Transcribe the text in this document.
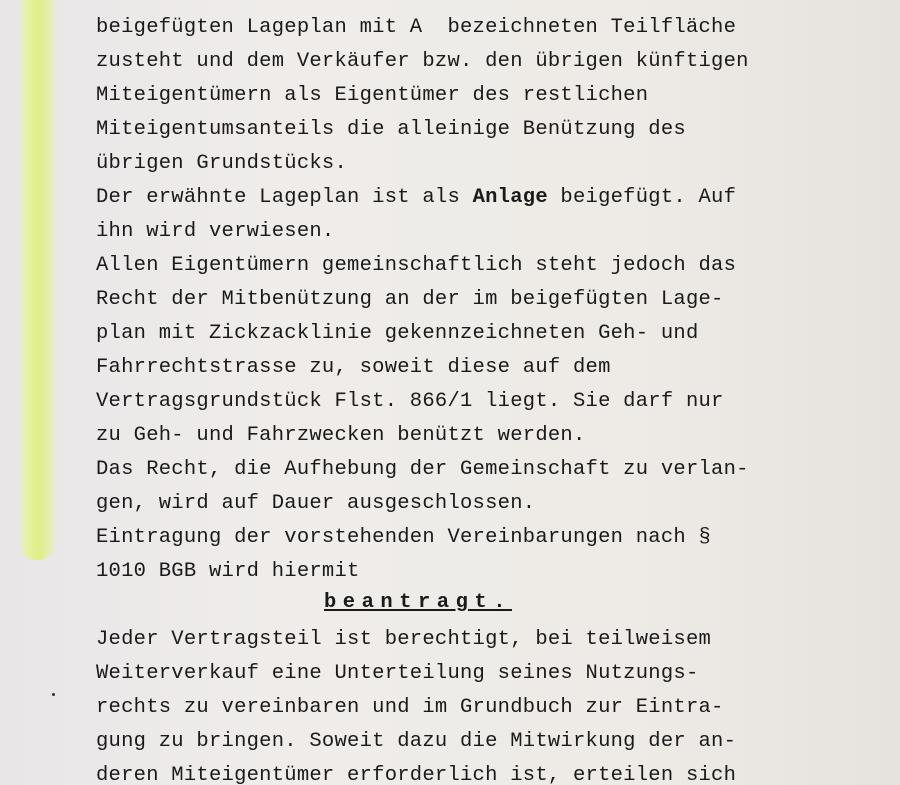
beigefügten Lageplan mit A  bezeichneten Teilfläche
zusteht und dem Verkäufer bzw. den übrigen künftigen
Miteigentümern als Eigentümer des restlichen
Miteigentumsanteils die alleinige Benützung des
übrigen Grundstücks.
Der erwähnte Lageplan ist als Anlage beigefügt. Auf
ihn wird verwiesen.
Allen Eigentümern gemeinschaftlich steht jedoch das
Recht der Mitbenützung an der im beigefügten Lage-
plan mit Zickzacklinie gekennzeichneten Geh- und
Fahrrechtstrasse zu, soweit diese auf dem
Vertragsgrundstück Flst. 866/1 liegt. Sie darf nur
zu Geh- und Fahrzwecken benützt werden.
Das Recht, die Aufhebung der Gemeinschaft zu verlan-
gen, wird auf Dauer ausgeschlossen.
Eintragung der vorstehenden Vereinbarungen nach §
1010 BGB wird hiermit
beantragt.
Jeder Vertragsteil ist berechtigt, bei teilweisem
Weiterverkauf eine Unterteilung seines Nutzungs-
rechts zu vereinbaren und im Grundbuch zur Eintra-
gung zu bringen. Soweit dazu die Mitwirkung der an-
deren Miteigentümer erforderlich ist, erteilen sich
